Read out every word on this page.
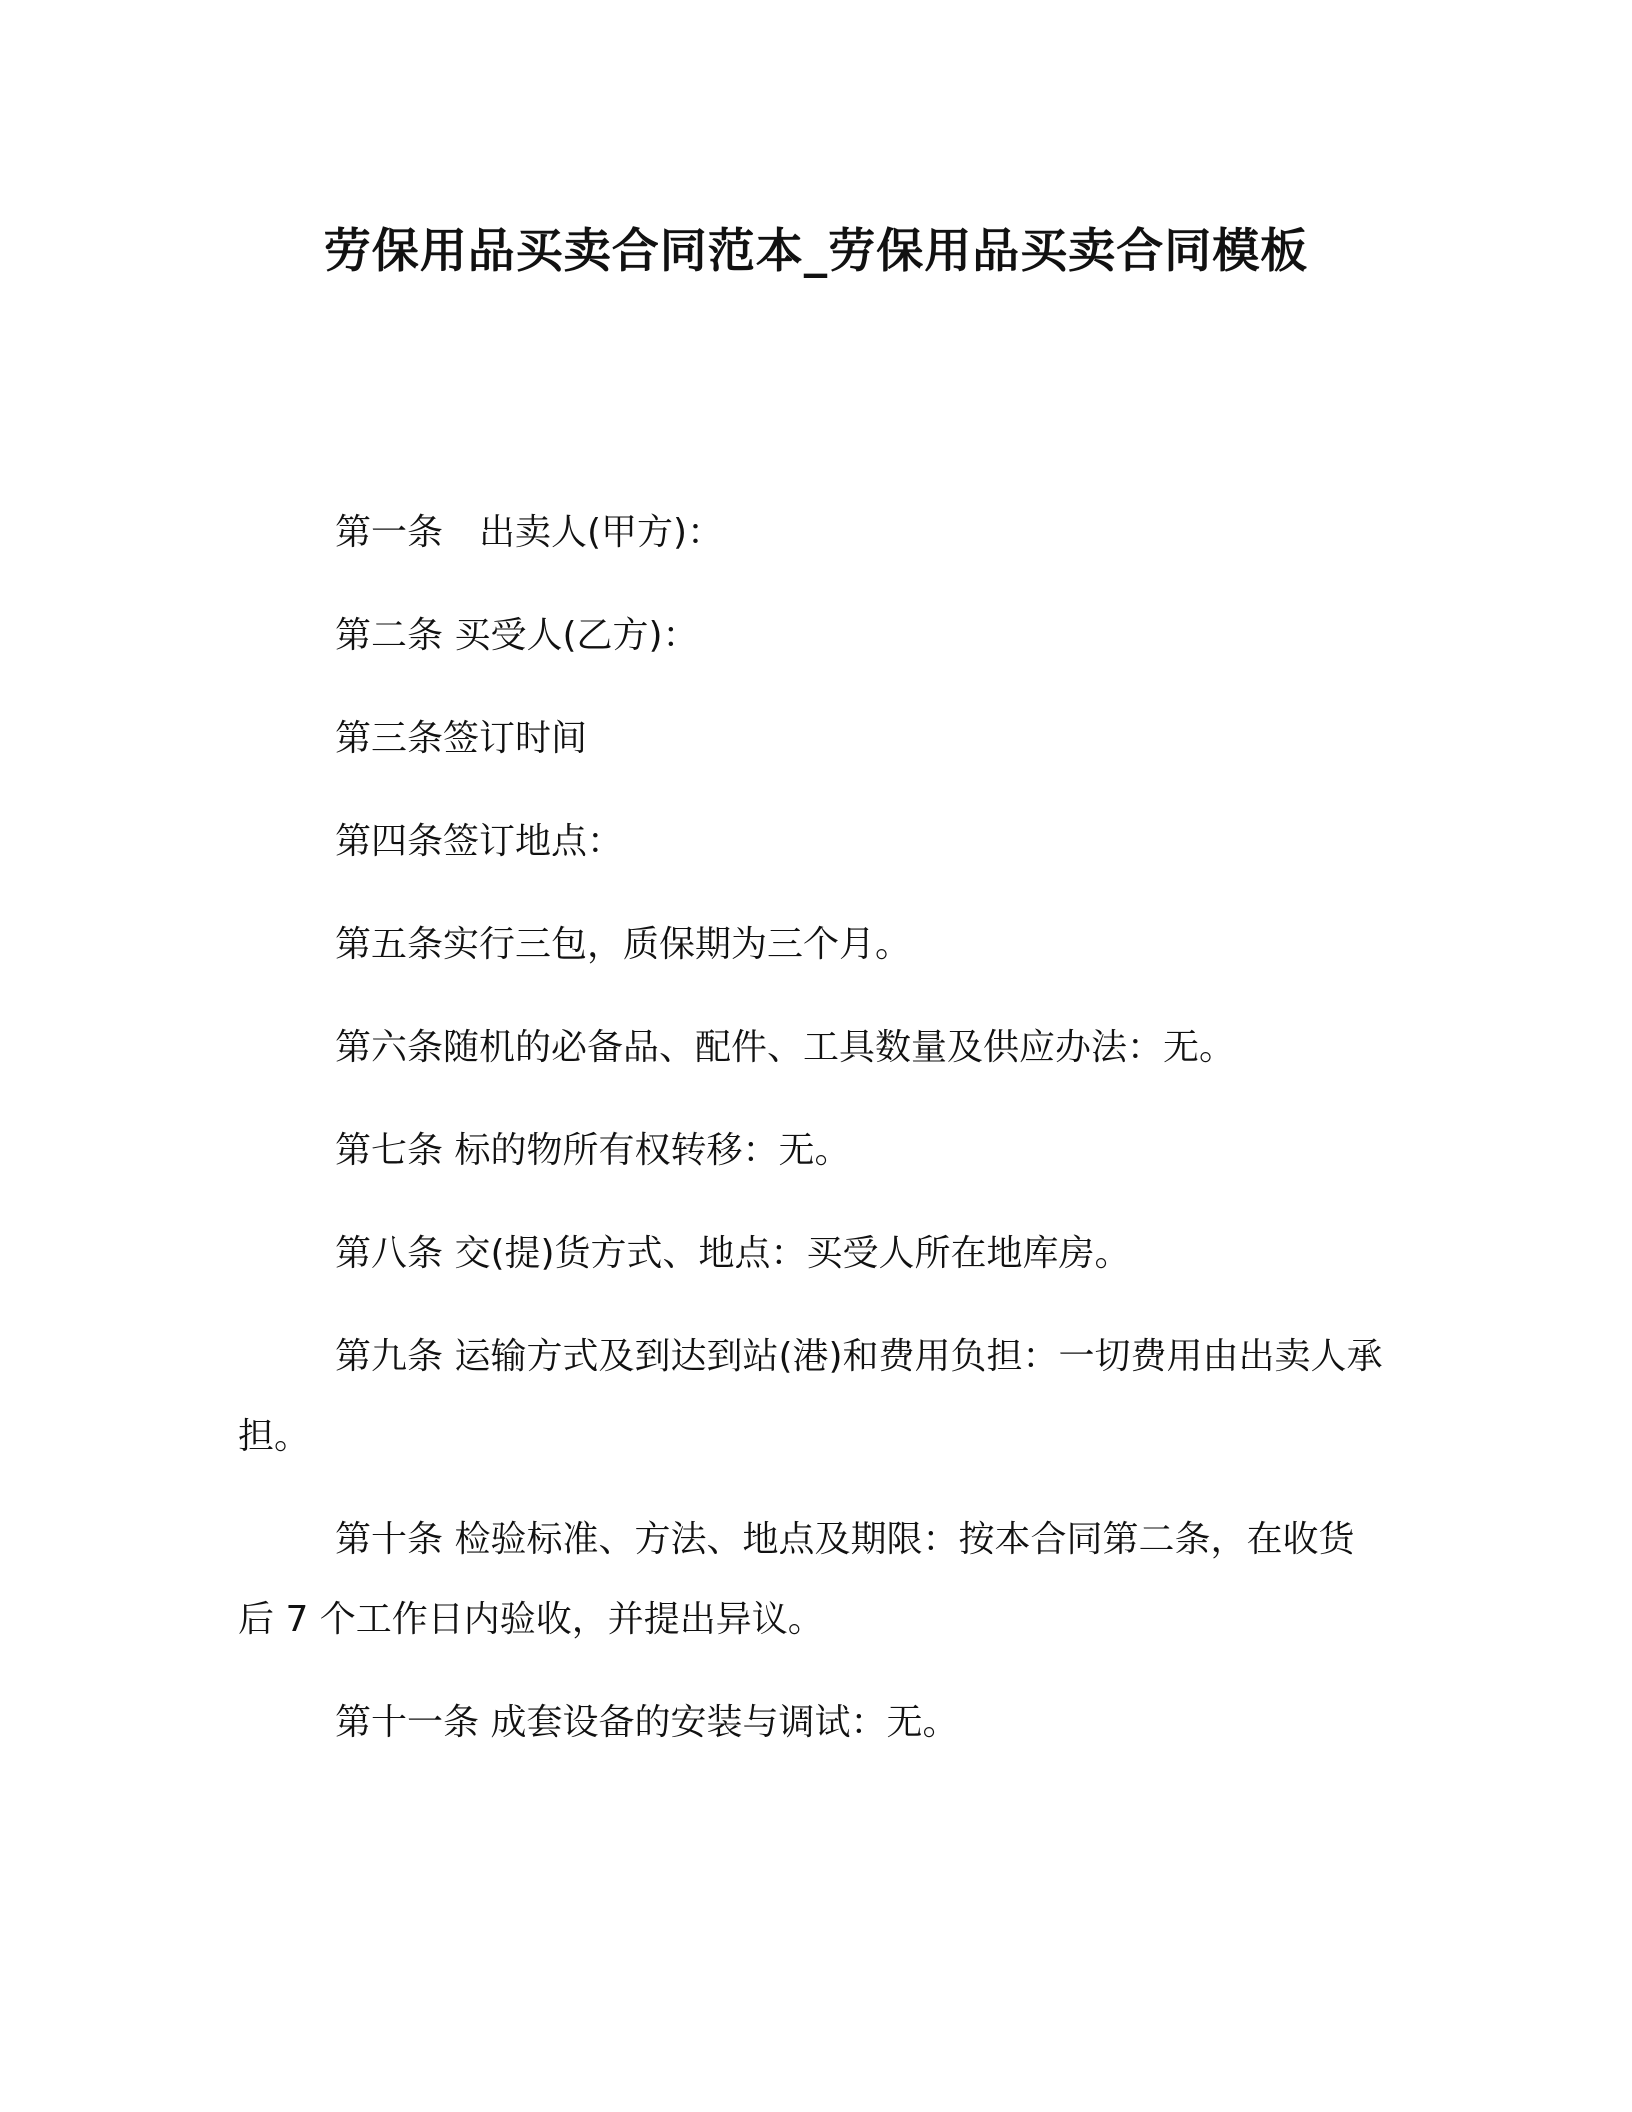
劳保用品买卖合同范本_劳保用品买卖合同模板

第一条　出卖人(甲方)：

第二条 买受人(乙方)：

第三条签订时间

第四条签订地点：

第五条实行三包，质保期为三个月。

第六条随机的必备品、配件、工具数量及供应办法：无。

第七条 标的物所有权转移：无。

第八条 交(提)货方式、地点：买受人所在地库房。

第九条 运输方式及到达到站(港)和费用负担：一切费用由出卖人承担。

第十条 检验标准、方法、地点及期限：按本合同第二条，在收货后 7 个工作日内验收，并提出异议。

第十一条 成套设备的安装与调试：无。
